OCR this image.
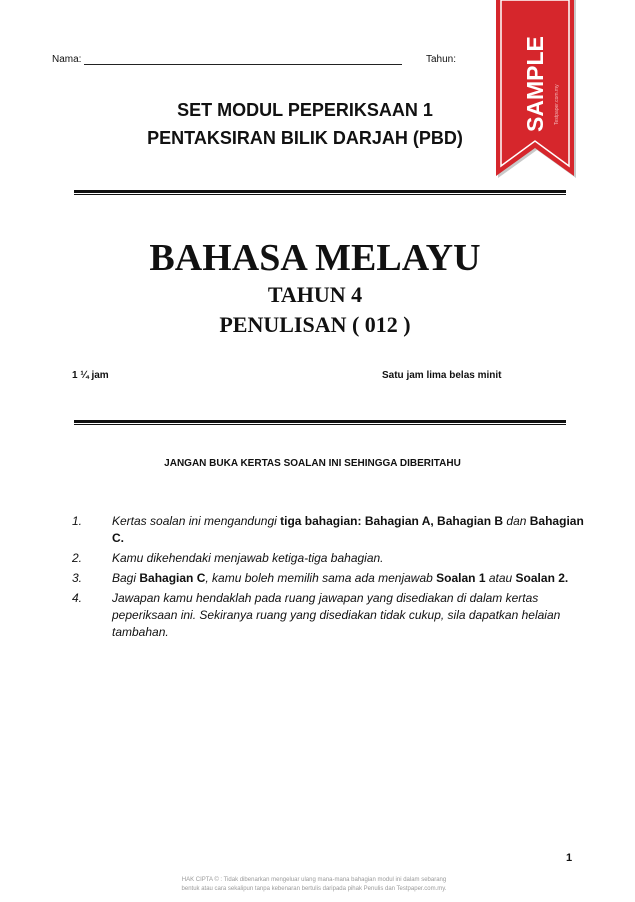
Nama:	Tahun:	SAMPLE Testpaper.com.my
SET MODUL PEPERIKSAAN 1
PENTAKSIRAN BILIK DARJAH (PBD)
BAHASA MELAYU
TAHUN 4
PENULISAN ( 012 )
1 ¼ jam	Satu jam lima belas minit
JANGAN BUKA KERTAS SOALAN INI SEHINGGA DIBERITAHU
1. Kertas soalan ini mengandungi tiga bahagian: Bahagian A, Bahagian B dan Bahagian C.
2. Kamu dikehendaki menjawab ketiga-tiga bahagian.
3. Bagi Bahagian C, kamu boleh memilih sama ada menjawab Soalan 1 atau Soalan 2.
4. Jawapan kamu hendaklah pada ruang jawapan yang disediakan di dalam kertas peperiksaan ini. Sekiranya ruang yang disediakan tidak cukup, sila dapatkan helaian tambahan.
1
HAK CIPTA © : Tidak dibenarkan mengeluar ulang mana-mana bahagian modul ini dalam sebarang
bentuk atau cara sekalipun tanpa kebenaran bertulis daripada pihak Penulis dan Testpaper.com.my.
